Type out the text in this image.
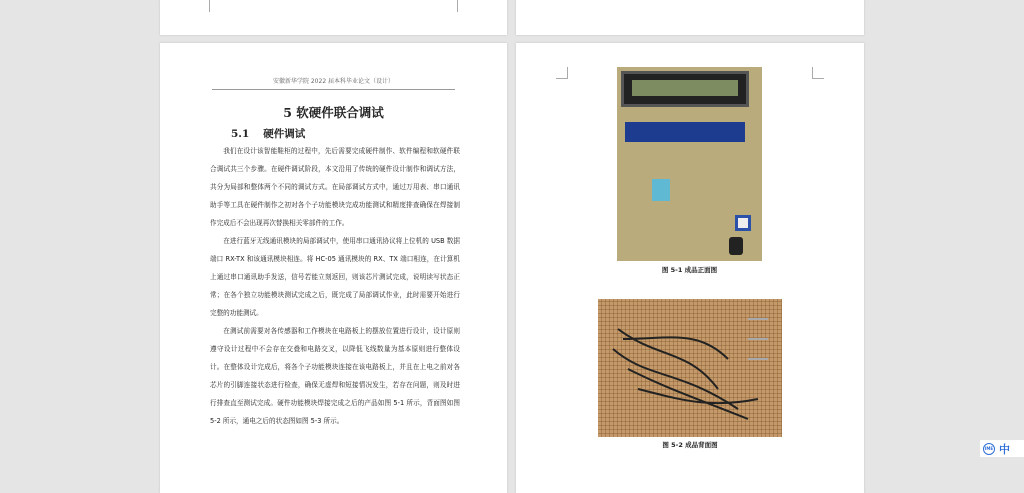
安徽新华学院 2022 届本科毕业论文（设计）
5 软硬件联合调试
5.1 硬件调试

我们在设计该智能鞋柜的过程中，先后需要完成硬件制作、软件编程和软硬件联合调试共三个步骤。在硬件调试阶段，本文沿用了传统的硬件设计制作和调试方法，共分为局部和整体两个不同的调试方式。在局部调试方式中，通过万用表、串口通讯助手等工具在硬件制作之初对各个子功能模块完成功能测试和精度排查确保在焊接制作完成后不会出现再次替换相关零部件的工作。

在进行蓝牙无线通讯模块的局部调试中，使用串口通讯协议将上位机的 USB 数据端口 RX-TX 和该通讯模块相连。将 HC-05 通讯模块的 RX、TX 端口相连，在计算机上通过串口通讯助手发送，信号若能立刻返回，则该芯片测试完成，说明读写状态正常；在各个独立功能模块测试完成之后，既完成了局部调试作业，此时需要开始进行完整的功能测试。

在测试前需要对各传感器和工作模块在电路板上的摆放位置进行设计，设计原则遵守设计过程中不会存在交叠和电路交叉，以降低飞线数量为基本原则进行整体设计。在整体设计完成后，将各个子功能模块连接在该电路板上，并且在上电之前对各芯片的引脚连接状态进行检查，确保无虚焊和短接情况发生，若存在问题，则及时进行排查直至测试完成。硬件功能模块焊接完成之后的产品如图 5-1 所示，背面图如图 5-2 所示，通电之后的状态图如图 5-3 所示。

图 5-1 成品正面图
图 5-2 成品背面图	IME 中
